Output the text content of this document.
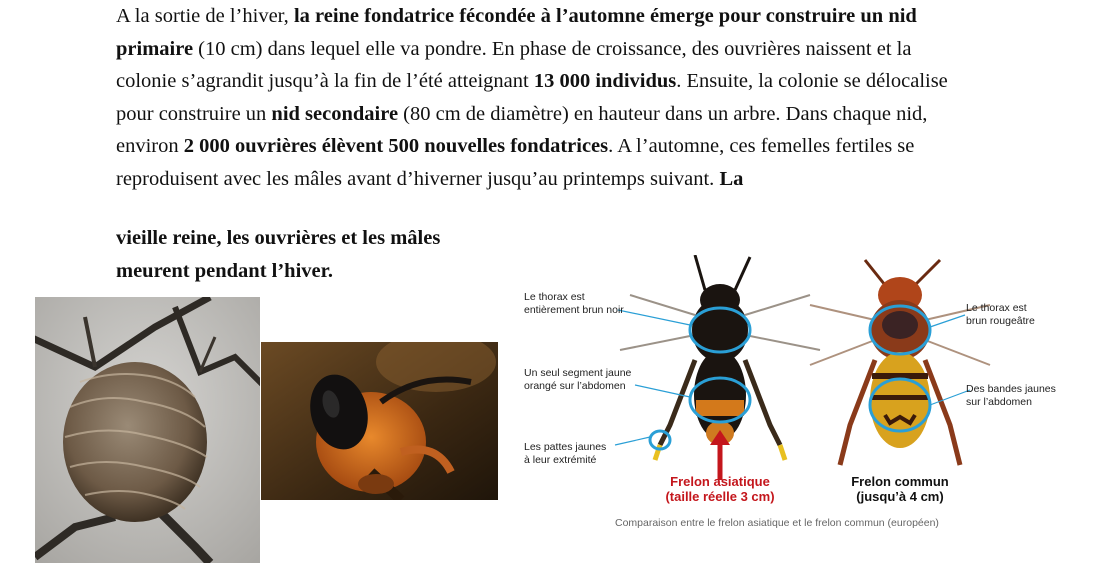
A la sortie de l’hiver, la reine fondatrice fécondée à l’automne émerge pour construire un nid primaire (10 cm) dans lequel elle va pondre. En phase de croissance, des ouvrières naissent et la colonie s’agrandit jusqu’à la fin de l’été atteignant 13 000 individus. Ensuite, la colonie se délocalise pour construire un nid secondaire (80 cm de diamètre) en hauteur dans un arbre. Dans chaque nid, environ 2 000 ouvrières élèvent 500 nouvelles fondatrices. A l’automne, ces femelles fertiles se reproduisent avec les mâles avant d’hiverner jusqu’au printemps suivant. La

vieille reine, les ouvrières et les mâles meurent pendant l’hiver.

Le thorax est
entièrement brun noir
Un seul segment jaune
orangé sur l’abdomen
Les pattes jaunes
à leur extrémité
Le thorax est
brun rougeâtre
Des bandes jaunes
sur l’abdomen
Frelon asiatique
(taille réelle 3 cm)
Frelon commun
(jusqu’à 4 cm)
Comparaison entre le frelon asiatique et le frelon commun (européen)
